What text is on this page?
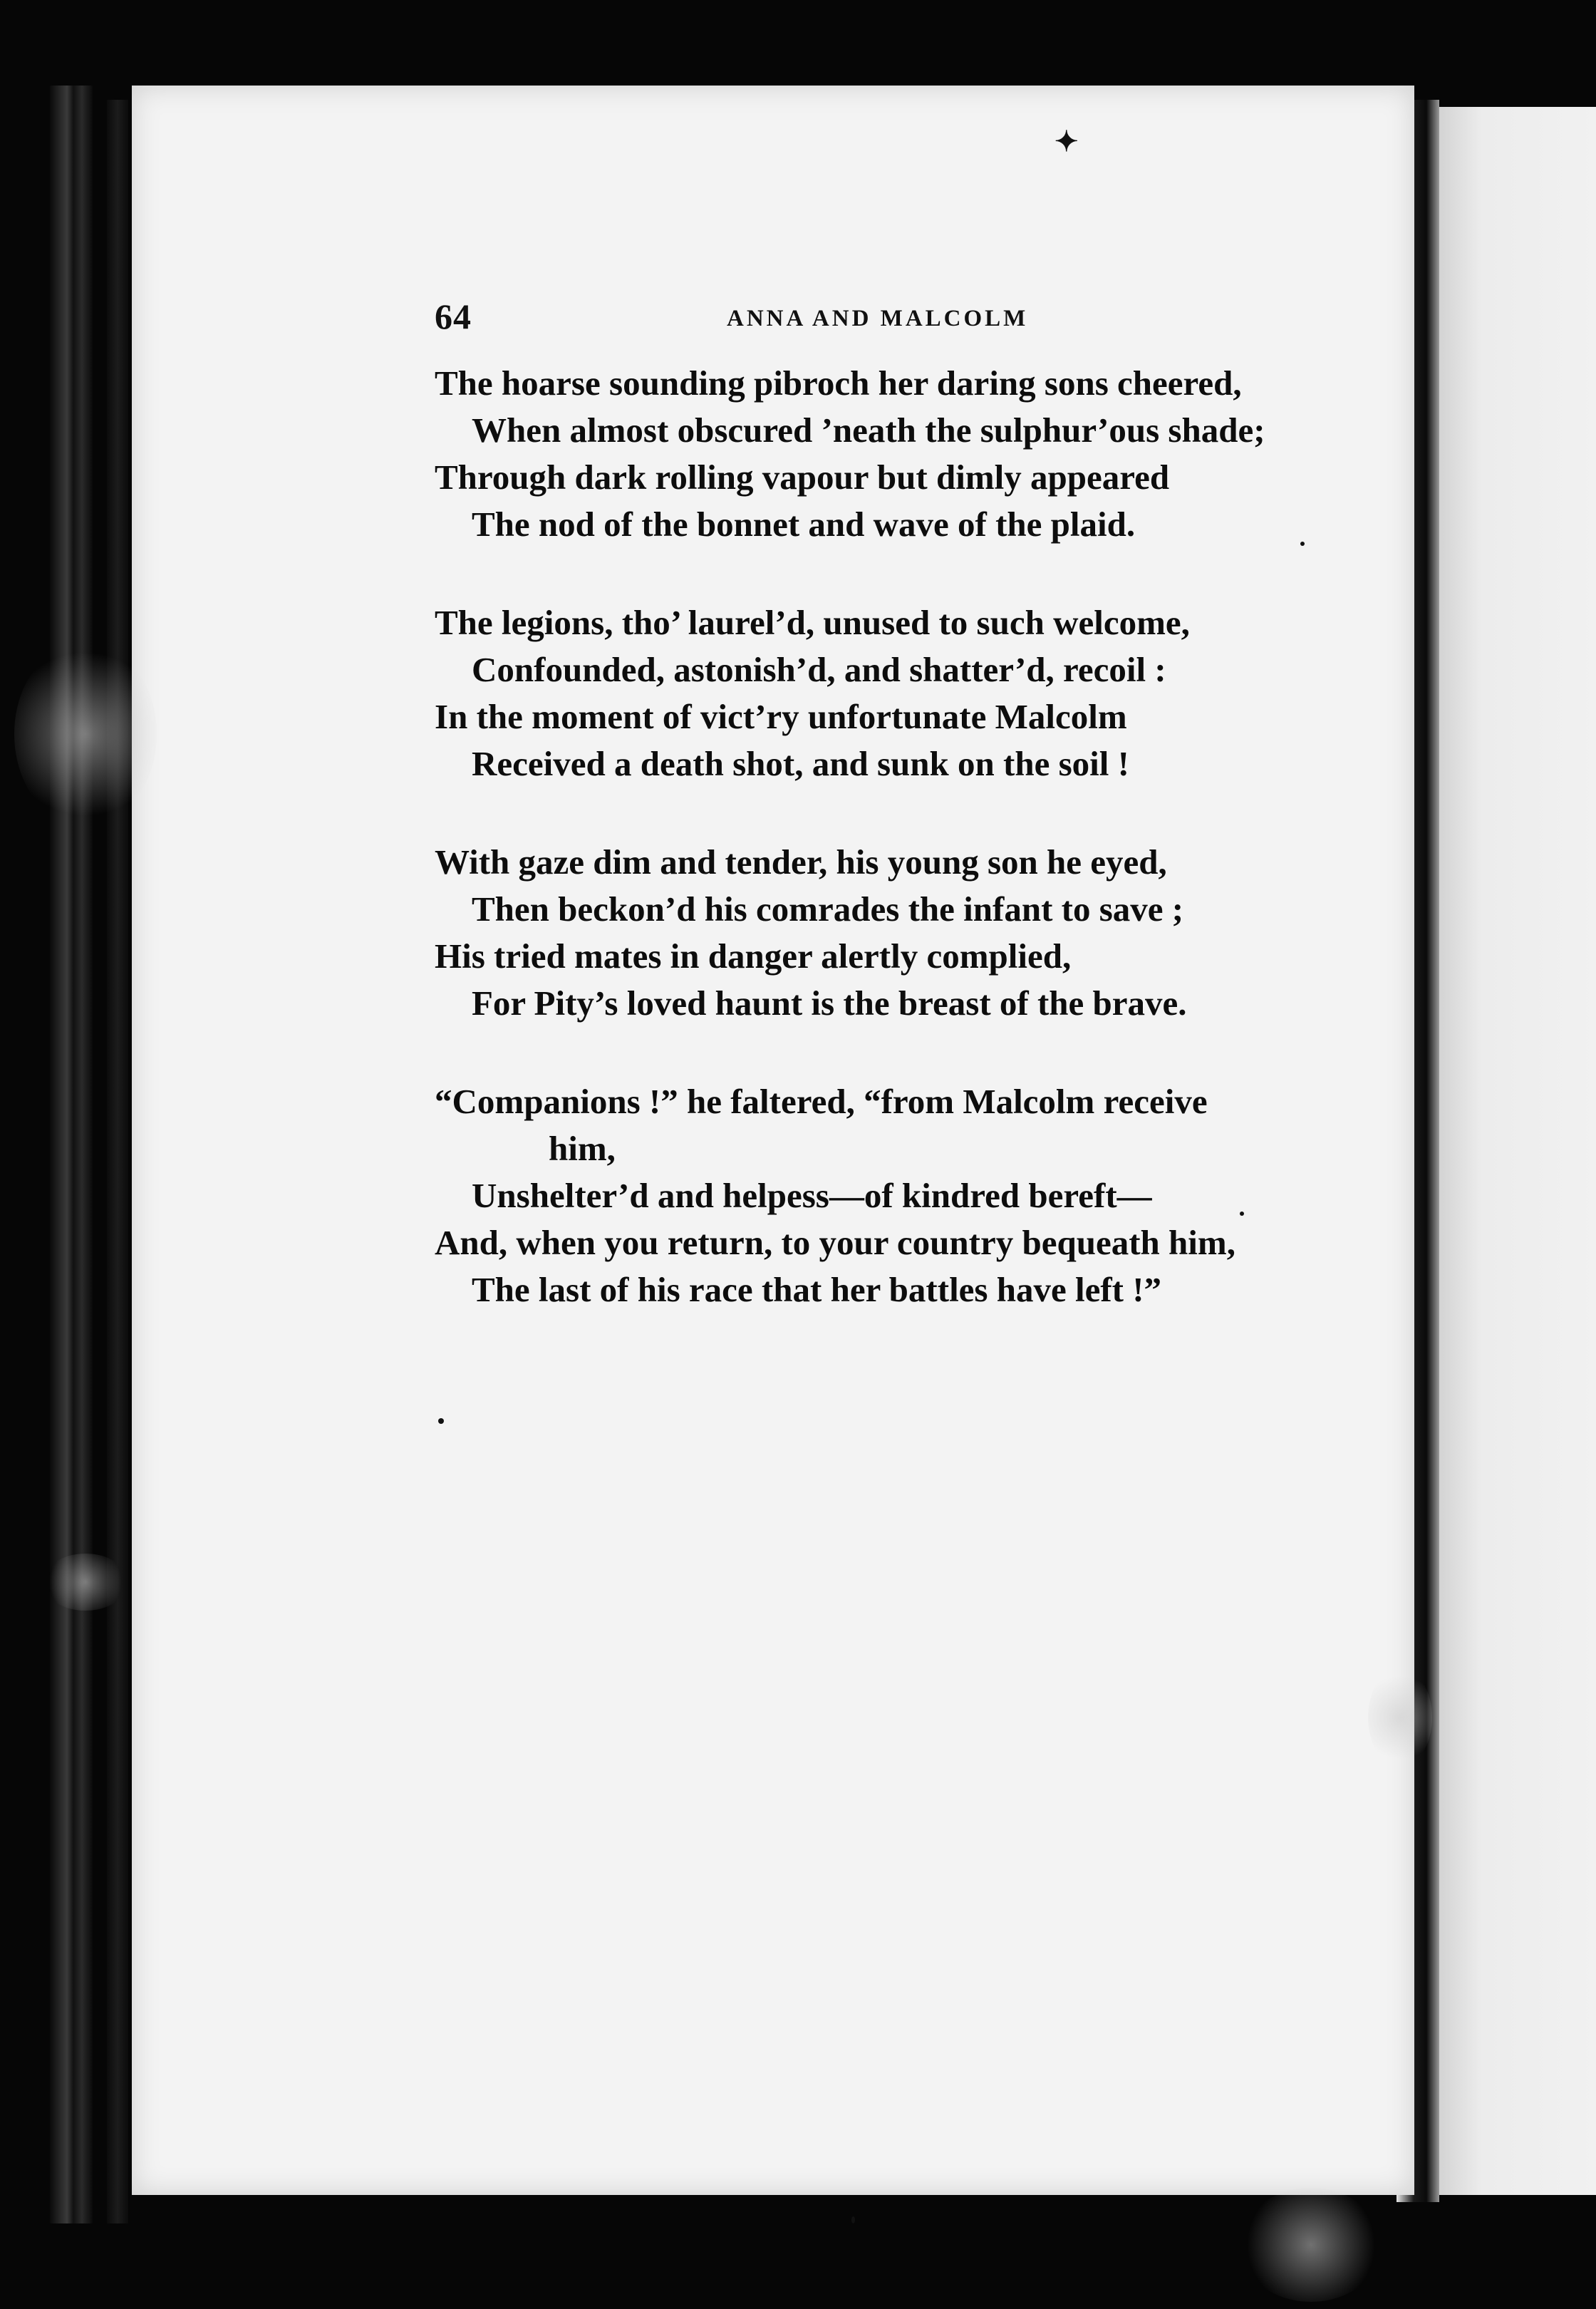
✦
64	ANNA AND MALCOLM
The hoarse sounding pibroch her daring sons cheered,
When almost obscured ’neath the sulphur’ous shade;
Through dark rolling vapour but dimly appeared
The nod of the bonnet and wave of the plaid.
The legions, tho’ laurel’d, unused to such welcome,
Confounded, astonish’d, and shatter’d, recoil :
In the moment of vict’ry unfortunate Malcolm
Received a death shot, and sunk on the soil !
With gaze dim and tender, his young son he eyed,
Then beckon’d his comrades the infant to save ;
His tried mates in danger alertly complied,
For Pity’s loved haunt is the breast of the brave.
“Companions !” he faltered, “from Malcolm receive
him,
Unshelter’d and helpess—of kindred bereft—
And, when you return, to your country bequeath him,
The last of his race that her battles have left !”
